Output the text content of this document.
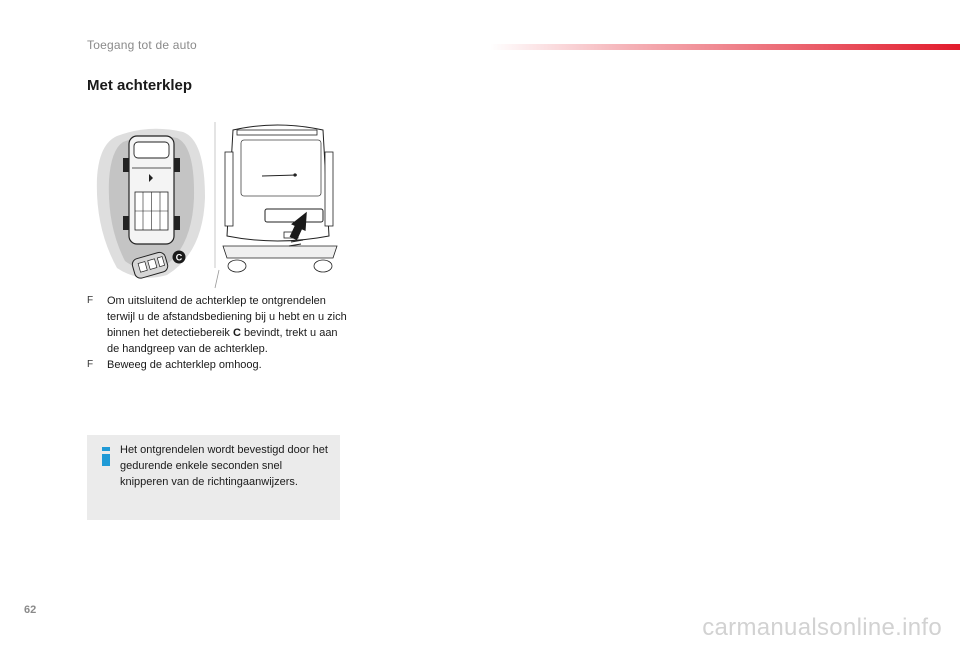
Toegang tot de auto
Met achterklep
C
F	Om uitsluitend de achterklep te ontgrendelen terwijl u de afstandsbediening bij u hebt en u zich binnen het detectiebereik C bevindt, trekt u aan de handgreep van de achterklep.
F	Beweeg de achterklep omhoog.
Het ontgrendelen wordt bevestigd door het gedurende enkele seconden snel knipperen van de richtingaanwijzers.
62
carmanualsonline.info
